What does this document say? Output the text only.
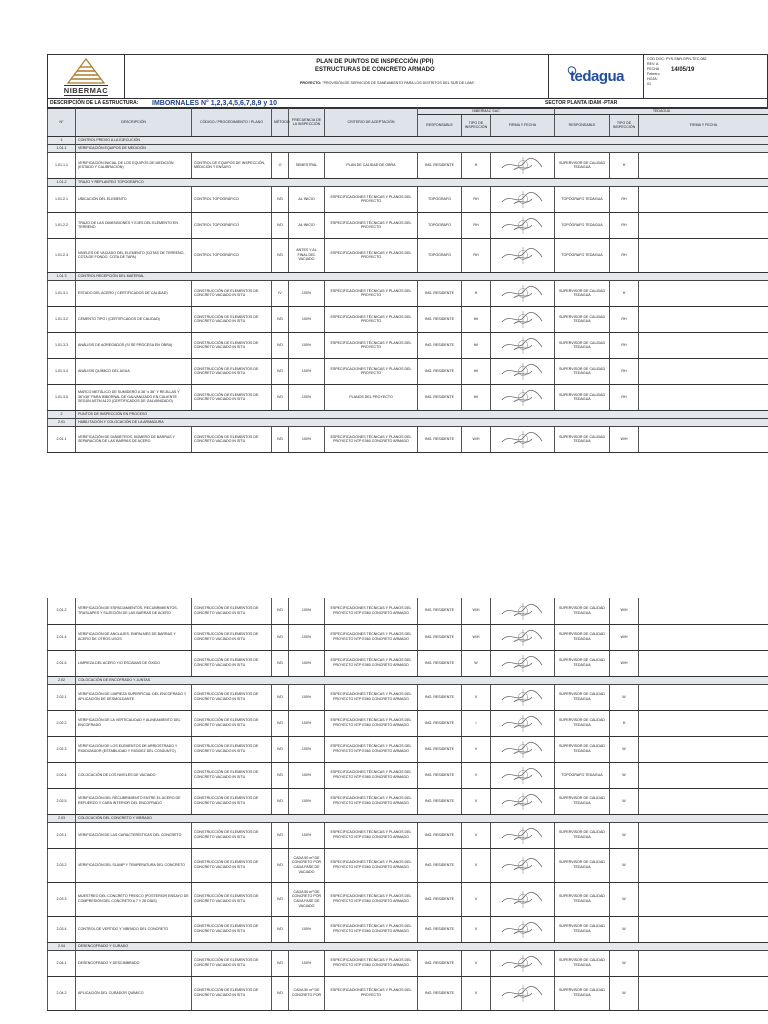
NIBERMAC
PLAN DE PUNTOS DE INSPECCIÓN (PPI)
ESTRUCTURAS DE CONCRETO ARMADO
PROYECTO: "PROVISIÓN DE SERVICIOS DE SANEAMIENTO PARA LOS DISTRITOS DEL SUR DE LIMA"	tedagua
COD DOC: PYS-SNR-GPN-TEC-082
REV: A
FECHA	14/05/19
Febrero
HOJA:
01
DESCRIPCIÓN DE LA ESTRUCTURA:	IMBORNALES N° 1,2,3,4,5,6,7,8,9 y 10	SECTOR PLANTA IDAM -PTAR
N°	DESCRIPCIÓN	CÓDIGO / PROCEDIMIENTO / PLANO	MÉTODO	FRECUENCIA DE LA INSPECCIÓN	CRITERIO DE ACEPTACIÓN	NIBERMAC SAC			TEDAGUA		
						RESPONSABLE	TIPO DE INSPECCIÓN	FIRMA Y FECHA	RESPONSABLE	TIPO DE INSPECCIÓN	FIRMA Y FECHA
1	CONTROL PREVIO A LA EJECUCIÓN										
1.01.1	VERIFICACIÓN EQUIPOS DE MEDICIÓN										
1.01.1.1	VERIFICACIÓN INICIAL DE LOS EQUIPOS DE MEDICIÓN (ESTADO Y CALIBRACIÓN)	CONTROL DE EQUIPOS DE INSPECCIÓN, MEDICIÓN Y ENSAYO	O	SEMESTRAL	PLAN DE CALIDAD DE OBRA	ING. RESIDENTE	H		SUPERVISOR DE CALIDAD TEDAGUA	H	
1.01.2	TRAZO Y REPLANTEO TOPOGRÁFICO										
1.01.2.1	UBICACIÓN DEL ELEMENTO	CONTROL TOPOGRÁFICO	IVD	AL INICIO	ESPECIFICACIONES TÉCNICAS Y PLANOS DEL PROYECTO	TOPÓGRAFO	RH		TOPÓGRAFO TEDAGUA	RH	
1.01.2.2	TRAZO DE LAS DIMENSIONES Y EJES DEL ELEMENTO EN TERRENO	CONTROL TOPOGRÁFICO	IVD	AL INICIO	ESPECIFICACIONES TÉCNICAS Y PLANOS DEL PROYECTO	TOPÓGRAFO	RH		TOPÓGRAFO TEDAGUA	RH	
1.01.2.3	NIVELES DE VACIADO DEL ELEMENTO (COTAS DE TERRENO, COTA DE FONDO, COTA DE TAPA)	CONTROL TOPOGRÁFICO	IVD	ANTES Y AL FINAL DEL VACIADO	ESPECIFICACIONES TÉCNICAS Y PLANOS DEL PROYECTO	TOPÓGRAFO	RH		TOPÓGRAFO TEDAGUA	RH	
1.01.3	CONTROL RECEPCIÓN DEL MATERIAL										
1.01.3.1	ESTADO DEL ACERO ( CERTIFICADOS DE CALIDAD)	CONSTRUCCIÓN DE ELEMENTOS DE CONCRETO VACIADO IN SITU	IV	100%	ESPECIFICACIONES TÉCNICAS Y PLANOS DEL PROYECTO	ING. RESIDENTE	H		SUPERVISOR DE CALIDAD TEDAGUA	H	
1.01.3.2	CEMENTO TIPO I (CERTIFICADOS DE CALIDAD)	CONSTRUCCIÓN DE ELEMENTOS DE CONCRETO VACIADO IN SITU	IVD	100%	ESPECIFICACIONES TÉCNICAS Y PLANOS DEL PROYECTO	ING. RESIDENTE	H/I		SUPERVISOR DE CALIDAD TEDAGUA	RH	
1.01.3.3	ANÁLISIS DE AGREGADOS (SI SE PROCESA EN OBRA)	CONSTRUCCIÓN DE ELEMENTOS DE CONCRETO VACIADO IN SITU	IVD	100%	ESPECIFICACIONES TÉCNICAS Y PLANOS DEL PROYECTO	ING. RESIDENTE	H/I		SUPERVISOR DE CALIDAD TEDAGUA	RH	
1.01.3.4	ANÁLISIS QUÍMICO DEL AGUA	CONSTRUCCIÓN DE ELEMENTOS DE CONCRETO VACIADO IN SITU	IVD	100%	ESPECIFICACIONES TÉCNICAS Y PLANOS DEL PROYECTO	ING. RESIDENTE	H/I		SUPERVISOR DE CALIDAD TEDAGUA	RH	
1.01.3.5	MARCO METÁLICO DE SUMIDERO A 36" x 36" Y REJILLAS Y 36"x36" PARA IMBORNAL DE GALVANIZADO EN CALIENTE SEGÚN ASTM A123 (CERTIFICADOS DE GALVANIZADO)	CONSTRUCCIÓN DE ELEMENTOS DE CONCRETO VACIADO IN SITU	IVD	100%	PLANOS DEL PROYECTO	ING. RESIDENTE	H/I		SUPERVISOR DE CALIDAD TEDAGUA	RH	
2	PUNTOS DE INSPECCIÓN EN PROCESO										
2.01	HABILITACIÓN Y COLOCACIÓN DE LA ARMADURA										
2.01.1	VERIFICACIÓN DE DIÁMETROS, NÚMERO DE BARRAS Y SEPARACIÓN DE LAS BARRAS DE ACERO	CONSTRUCCIÓN DE ELEMENTOS DE CONCRETO VACIADO IN SITU	IVD	100%	ESPECIFICACIONES TÉCNICAS Y PLANOS DEL PROYECTO NTP E060 CONCRETO ARMADO	ING. RESIDENTE	W/H		SUPERVISOR DE CALIDAD TEDAGUA	W/H	
2.01.2	VERIFICACIÓN DE ESPACIAMIENTOS, RECUBRIMIENTOS, TRASLAPES Y SUJECIÓN DE LAS BARRAS DE ACERO	CONSTRUCCIÓN DE ELEMENTOS DE CONCRETO VACIADO IN SITU	IVD	100%	ESPECIFICACIONES TÉCNICAS Y PLANOS DEL PROYECTO NTP E060 CONCRETO ARMADO	ING. RESIDENTE	W/H		SUPERVISOR DE CALIDAD TEDAGUA	W/H	
2.01.4	VERIFICACIÓN DE ANCLAJES, EMPALMES DE BARRAS Y ACERO DE OTROS USOS	CONSTRUCCIÓN DE ELEMENTOS DE CONCRETO VACIADO IN SITU	IVD	100%	ESPECIFICACIONES TÉCNICAS Y PLANOS DEL PROYECTO NTP E060 CONCRETO ARMADO	ING. RESIDENTE	W/H		SUPERVISOR DE CALIDAD TEDAGUA	W/H	
2.01.5	LIMPIEZA DEL ACERO Y/O ESCAMAS DE ÓXIDO	CONSTRUCCIÓN DE ELEMENTOS DE CONCRETO VACIADO IN SITU	IVD	100%	ESPECIFICACIONES TÉCNICAS Y PLANOS DEL PROYECTO NTP E060 CONCRETO ARMADO	ING. RESIDENTE	W		SUPERVISOR DE CALIDAD TEDAGUA	W/H	
2.02	COLOCACIÓN DE ENCOFRADO Y JUNTAS										
2.02.1	VERIFICACIÓN DE LIMPIEZA SUPERFICIAL DEL ENCOFRADO Y APLICACIÓN DE DESMOLDANTE	CONSTRUCCIÓN DE ELEMENTOS DE CONCRETO VACIADO IN SITU	IVD	100%	ESPECIFICACIONES TÉCNICAS Y PLANOS DEL PROYECTO NTP E060 CONCRETO ARMADO	ING. RESIDENTE	V		SUPERVISOR DE CALIDAD TEDAGUA	W	
2.02.2	VERIFICACIÓN DE LA VERTICALIDAD Y ALINEAMIENTO DEL ENCOFRADO	CONSTRUCCIÓN DE ELEMENTOS DE CONCRETO VACIADO IN SITU	IVD	100%	ESPECIFICACIONES TÉCNICAS Y PLANOS DEL PROYECTO NTP E060 CONCRETO ARMADO	ING. RESIDENTE	I		SUPERVISOR DE CALIDAD TEDAGUA	H	
2.02.3	VERIFICACIÓN DE LOS ELEMENTOS DE ARRIOSTRADO Y RIGIDIZADOR (ESTABILIDAD Y RIGIDEZ DEL CONJUNTO)	CONSTRUCCIÓN DE ELEMENTOS DE CONCRETO VACIADO IN SITU	IVD	100%	ESPECIFICACIONES TÉCNICAS Y PLANOS DEL PROYECTO NTP E060 CONCRETO ARMADO	ING. RESIDENTE	V		SUPERVISOR DE CALIDAD TEDAGUA	W	
2.02.4	COLOCACIÓN DE LOS NIVELES DE VACIADO	CONSTRUCCIÓN DE ELEMENTOS DE CONCRETO VACIADO IN SITU	IVD	100%	ESPECIFICACIONES TÉCNICAS Y PLANOS DEL PROYECTO NTP E060 CONCRETO ARMADO	ING. RESIDENTE	V		TOPÓGRAFO TEDAGUA	W	
2.02.5	VERIFICACIÓN DEL RECUBRIMIENTO ENTRE EL ACERO DE REFUERZO Y CARA INTERIOR DEL ENCOFRADO	CONSTRUCCIÓN DE ELEMENTOS DE CONCRETO VACIADO IN SITU	IVD	100%	ESPECIFICACIONES TÉCNICAS Y PLANOS DEL PROYECTO NTP E060 CONCRETO ARMADO	ING. RESIDENTE	V		SUPERVISOR DE CALIDAD TEDAGUA	W	
2.03	COLOCACIÓN DEL CONCRETO Y VIBRADO										
2.03.1	VERIFICACIÓN DE LAS CARACTERÍSTICAS DEL CONCRETO	CONSTRUCCIÓN DE ELEMENTOS DE CONCRETO VACIADO IN SITU	IVD	100%	ESPECIFICACIONES TÉCNICAS Y PLANOS DEL PROYECTO NTP E060 CONCRETO ARMADO	ING. RESIDENTE	V		SUPERVISOR DE CALIDAD TEDAGUA	W	
2.03.2	VERIFICACIÓN DEL SLUMP Y TEMPERATURA DEL CONCRETO	CONSTRUCCIÓN DE ELEMENTOS DE CONCRETO VACIADO IN SITU	IVD	CADA 50 m³ DE CONCRETO POR CADA FASE DE VACIADO	ESPECIFICACIONES TÉCNICAS Y PLANOS DEL PROYECTO NTP E060 CONCRETO ARMADO	ING. RESIDENTE	V		SUPERVISOR DE CALIDAD TEDAGUA	W	
2.03.3	MUESTREO DEL CONCRETO FRESCO (POSTERIOR ENSAYO DE COMPRESIÓN DEL CONCRETO A 7 Y 28 DÍAS)	CONSTRUCCIÓN DE ELEMENTOS DE CONCRETO VACIADO IN SITU	IVD	CADA 50 m³ DE CONCRETO POR CADA FASE DE VACIADO	ESPECIFICACIONES TÉCNICAS Y PLANOS DEL PROYECTO NTP E060 CONCRETO ARMADO	ING. RESIDENTE	V		SUPERVISOR DE CALIDAD TEDAGUA	W	
2.03.4	CONTROL DE VERTIDO Y VIBRADO DEL CONCRETO	CONSTRUCCIÓN DE ELEMENTOS DE CONCRETO VACIADO IN SITU	IVD	100%	ESPECIFICACIONES TÉCNICAS Y PLANOS DEL PROYECTO NTP E060 CONCRETO ARMADO	ING. RESIDENTE	V		SUPERVISOR DE CALIDAD TEDAGUA	W	
2.04	DESENCOFRADO Y CURADO										
2.04.1	DESENCOFRADO Y DESCIMBRADO	CONSTRUCCIÓN DE ELEMENTOS DE CONCRETO VACIADO IN SITU	IVD	100%	ESPECIFICACIONES TÉCNICAS Y PLANOS DEL PROYECTO NTP E060 CONCRETO ARMADO	ING. RESIDENTE	V		SUPERVISOR DE CALIDAD TEDAGUA	W	
2.04.2	APLICACIÓN DEL CURADOR QUÍMICO	CONSTRUCCIÓN DE ELEMENTOS DE CONCRETO VACIADO IN SITU	IVD	CADA 50 m³ DE CONCRETO POR	ESPECIFICACIONES TÉCNICAS Y PLANOS DEL PROYECTO	ING. RESIDENTE	V		SUPERVISOR DE CALIDAD TEDAGUA	W	
